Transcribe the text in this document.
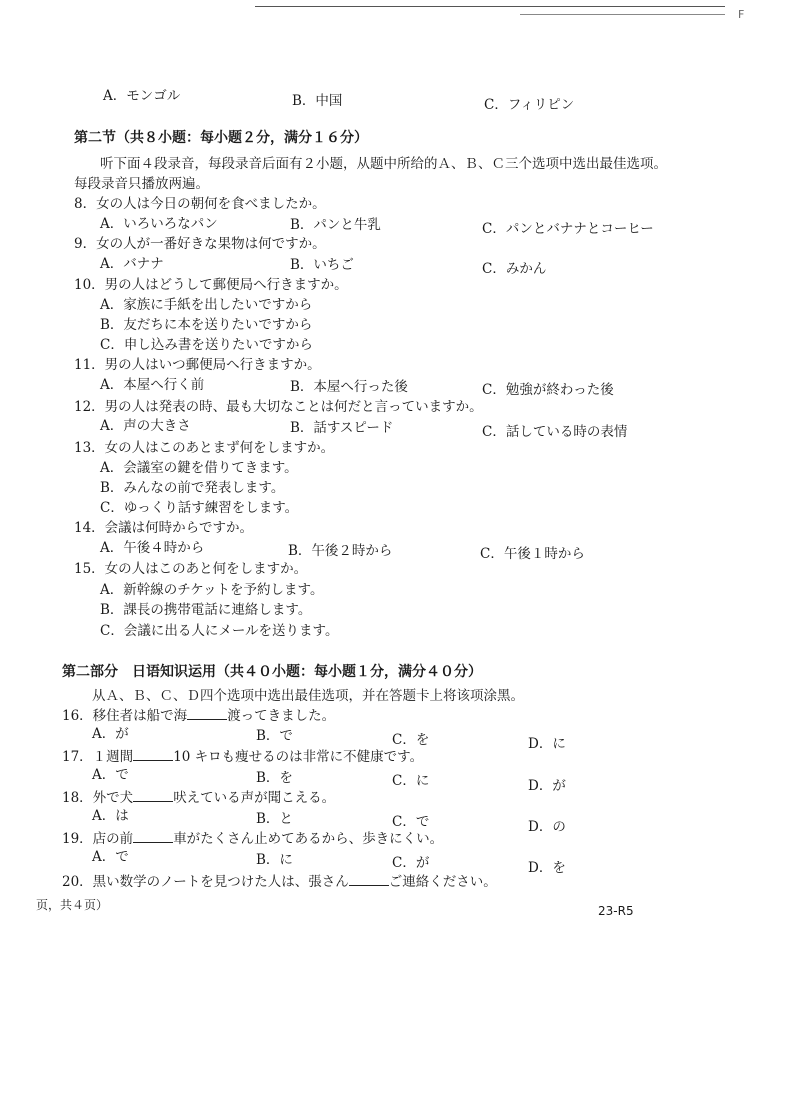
F
A．モンゴル	B．中国	C．フィリピン
第二节（共８小题：每小题２分，满分１６分）
听下面４段录音，每段录音后面有２小题，从题中所给的Ａ、Ｂ、Ｃ三个选项中选出最佳选项。
每段录音只播放两遍。
8．女の人は今日の朝何を食べましたか。
A．いろいろなパン	B．パンと牛乳	C．パンとバナナとコーヒー
9．女の人が一番好きな果物は何ですか。
A．バナナ	B．いちご	C．みかん
10．男の人はどうして郵便局へ行きますか。
A．家族に手紙を出したいですから
B．友だちに本を送りたいですから
C．申し込み書を送りたいですから
11．男の人はいつ郵便局へ行きますか。
A．本屋へ行く前	B．本屋へ行った後	C．勉強が終わった後
12．男の人は発表の時、最も大切なことは何だと言っていますか。
A．声の大きさ	B．話すスピード	C．話している時の表情
13．女の人はこのあとまず何をしますか。
A．会議室の鍵を借りてきます。
B．みんなの前で発表します。
C．ゆっくり話す練習をします。
14．会議は何時からですか。
A．午後４時から	B．午後２時から	C．午後１時から
15．女の人はこのあと何をしますか。
A．新幹線のチケットを予約します。
B．課長の携帯電話に連絡します。
C．会議に出る人にメールを送ります。
第二部分　日语知识运用（共４０小题：每小题１分，满分４０分）
从Ａ、Ｂ、Ｃ、Ｄ四个选项中选出最佳选项，并在答题卡上将该项涂黑。
16．移住者は船で海	渡ってきました。
A．が	B．で	C．を	D．に
17．１週間	10 キロも痩せるのは非常に不健康です。
A．で	B．を	C．に	D．が
18．外で犬	吠えている声が聞こえる。
A．は	B．と	C．で	D．の
19．店の前	車がたくさん止めてあるから、歩きにくい。
A．で	B．に	C．が	D．を
20．黒い数学のノートを見つけた人は、張さん	ご連絡ください。
页，共４页）	23-R5
